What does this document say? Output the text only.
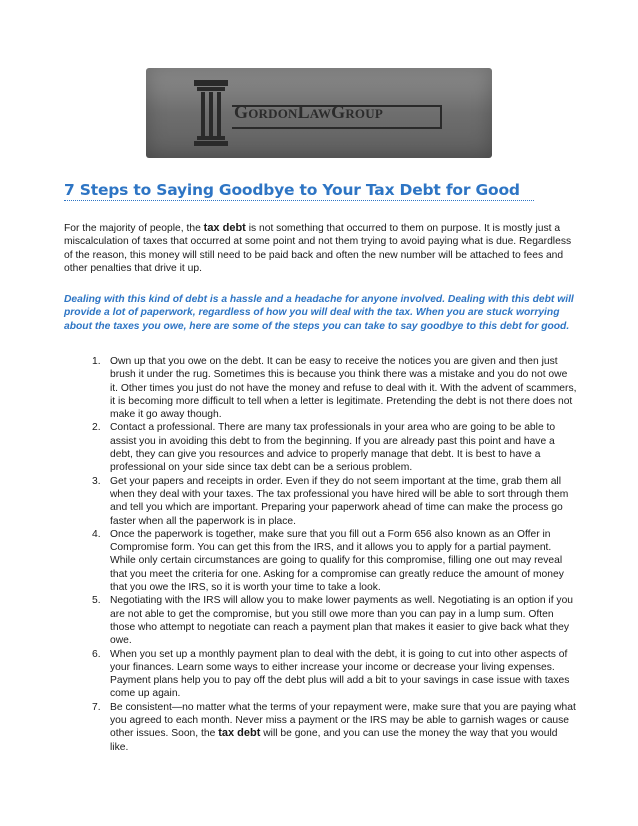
GordonLawGroup
7 Steps to Saying Goodbye to Your Tax Debt for Good

For the majority of people, the tax debt is not something that occurred to them on purpose. It is mostly just a miscalculation of taxes that occurred at some point and not them trying to avoid paying what is due. Regardless of the reason, this money will still need to be paid back and often the new number will be attached to fees and other penalties that drive it up.

Dealing with this kind of debt is a hassle and a headache for anyone involved. Dealing with this debt will provide a lot of paperwork, regardless of how you will deal with the tax. When you are stuck worrying about the taxes you owe, here are some of the steps you can take to say goodbye to this debt for good.

1. Own up that you owe on the debt. It can be easy to receive the notices you are given and then just brush it under the rug. Sometimes this is because you think there was a mistake and you do not owe it. Other times you just do not have the money and refuse to deal with it. With the advent of scammers, it is becoming more difficult to tell when a letter is legitimate. Pretending the debt is not there does not make it go away though.
2. Contact a professional. There are many tax professionals in your area who are going to be able to assist you in avoiding this debt to from the beginning. If you are already past this point and have a debt, they can give you resources and advice to properly manage that debt. It is best to have a professional on your side since tax debt can be a serious problem.
3. Get your papers and receipts in order. Even if they do not seem important at the time, grab them all when they deal with your taxes. The tax professional you have hired will be able to sort through them and tell you which are important. Preparing your paperwork ahead of time can make the process go faster when all the paperwork is in place.
4. Once the paperwork is together, make sure that you fill out a Form 656 also known as an Offer in Compromise form. You can get this from the IRS, and it allows you to apply for a partial payment. While only certain circumstances are going to qualify for this compromise, filling one out may reveal that you meet the criteria for one. Asking for a compromise can greatly reduce the amount of money that you owe the IRS, so it is worth your time to take a look.
5. Negotiating with the IRS will allow you to make lower payments as well. Negotiating is an option if you are not able to get the compromise, but you still owe more than you can pay in a lump sum. Often those who attempt to negotiate can reach a payment plan that makes it easier to give back what they owe.
6. When you set up a monthly payment plan to deal with the debt, it is going to cut into other aspects of your finances. Learn some ways to either increase your income or decrease your living expenses. Payment plans help you to pay off the debt plus will add a bit to your savings in case issue with taxes come up again.
7. Be consistent—no matter what the terms of your repayment were, make sure that you are paying what you agreed to each month. Never miss a payment or the IRS may be able to garnish wages or cause other issues. Soon, the tax debt will be gone, and you can use the money the way that you would like.
